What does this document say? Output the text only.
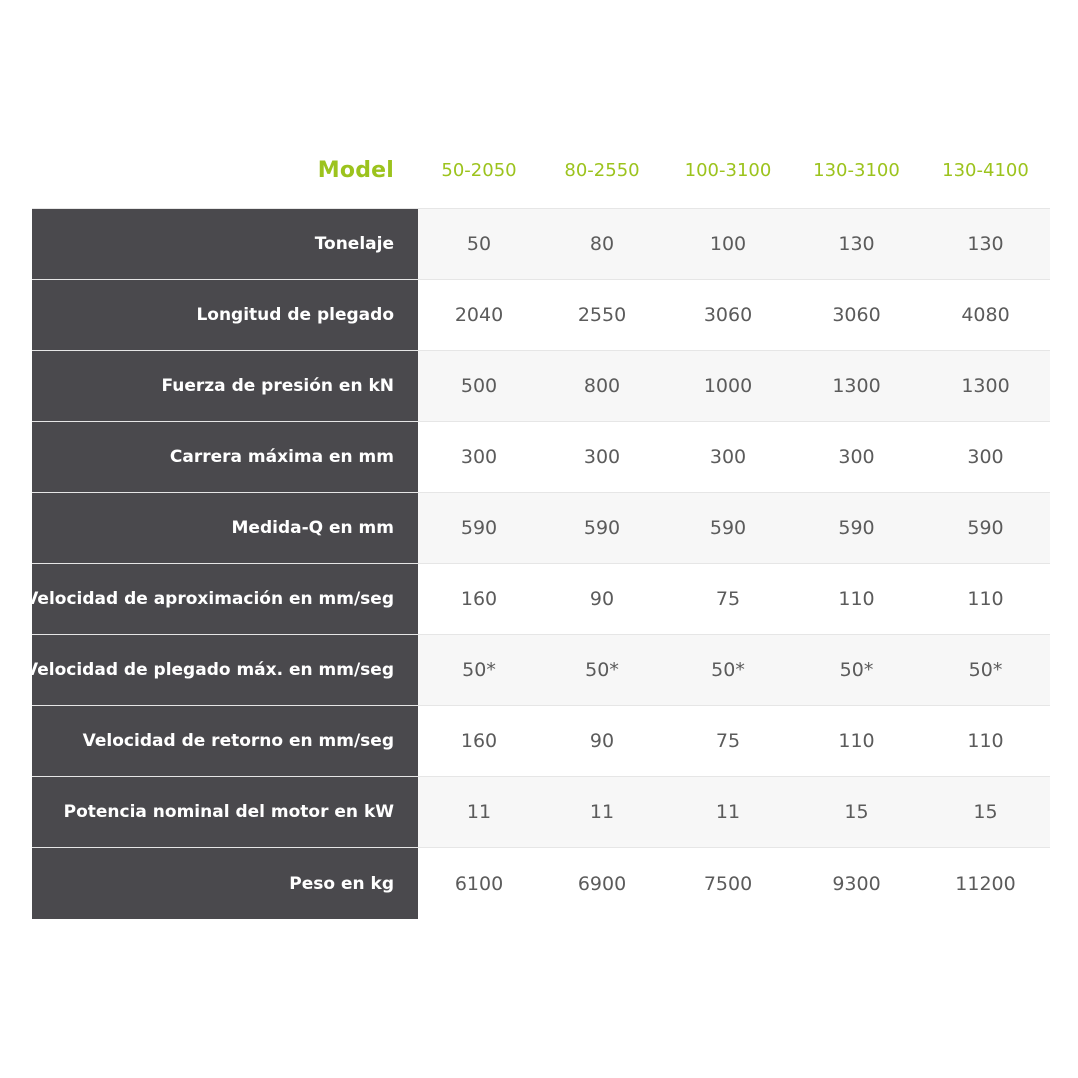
Model	50-2050	80-2550	100-3100	130-3100	130-4100
Tonelaje	50	80	100	130	130
Longitud de plegado	2040	2550	3060	3060	4080
Fuerza de presión en kN	500	800	1000	1300	1300
Carrera máxima en mm	300	300	300	300	300
Medida-Q en mm	590	590	590	590	590
Velocidad de aproximación en mm/seg	160	90	75	110	110
Velocidad de plegado máx. en mm/seg	50*	50*	50*	50*	50*
Velocidad de retorno en mm/seg	160	90	75	110	110
Potencia nominal del motor en kW	11	11	11	15	15
Peso en kg	6100	6900	7500	9300	11200
